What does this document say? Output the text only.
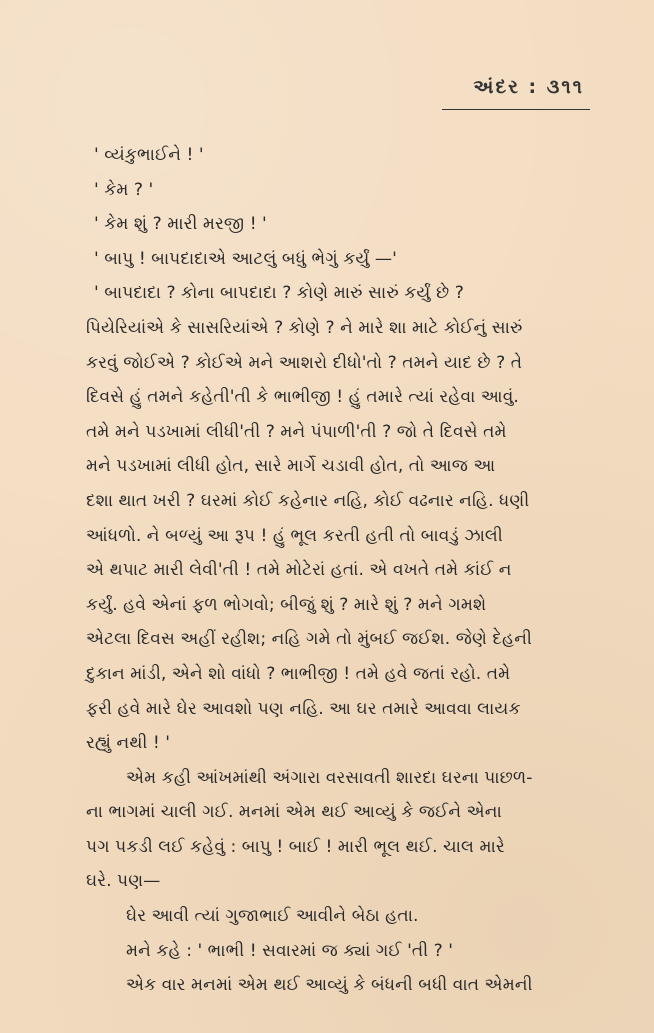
અંદર : ૩૧૧

' વ્યંકુભાઈને ! '

' કેમ ? '

' કેમ શું ? મારી મરજી ! '

' બાપુ ! બાપદાદાએ આટલું બધું ભેગું કર્યું —'

' બાપદાદા ? કોના બાપદાદા ? કોણે મારું સારું કર્યું છે ?

પિયેરિયાંએ કે સાસરિયાંએ ? કોણે ? ને મારે શા માટે કોઈનું સારું

કરવું જોઈએ ? કોઈએ મને આશરો દીધો'તો ? તમને યાદ છે ? તે

દિવસે હું તમને કહેતી'તી કે ભાભીજી ! હું તમારે ત્યાં રહેવા આવું.

તમે મને પડખામાં લીધી'તી ? મને પંપાળી'તી ? જો તે દિવસે તમે

મને પડખામાં લીધી હોત, સારે માર્ગે ચડાવી હોત, તો આજ આ

દશા થાત ખરી ? ઘરમાં કોઈ કહેનાર નહિ, કોઈ વઢનાર નહિ. ધણી

આંધળો. ને બળ્યું આ રૂપ ! હું ભૂલ કરતી હતી તો બાવડું ઝાલી

એ થપાટ મારી લેવી'તી ! તમે મોટેરાં હતાં. એ વખતે તમે કાંઈ ન

કર્યું. હવે એનાં ફળ ભોગવો; બીજું શું ? મારે શું ? મને ગમશે

એટલા દિવસ અહીં રહીશ; નહિ ગમે તો મુંબઈ જઈશ. જેણે દેહની

દુકાન માંડી, એને શો વાંધો ? ભાભીજી ! તમે હવે જતાં રહો. તમે

ફરી હવે મારે ઘેર આવશો પણ નહિ. આ ઘર તમારે આવવા લાયક

રહ્યું નથી ! '

એમ કહી આંખમાંથી અંગારા વરસાવતી શારદા ઘરના પાછળ-

ના ભાગમાં ચાલી ગઈ. મનમાં એમ થઈ આવ્યું કે જઈને એના

પગ પકડી લઈ કહેવું : બાપુ ! બાઈ ! મારી ભૂલ થઈ. ચાલ મારે

ઘરે. પણ—

ઘેર આવી ત્યાં ગુજાભાઈ આવીને બેઠા હતા.

મને કહે : ' ભાભી ! સવારમાં જ ક્યાં ગઈ 'તી ? '

એક વાર મનમાં એમ થઈ આવ્યું કે બંધની બધી વાત એમની
